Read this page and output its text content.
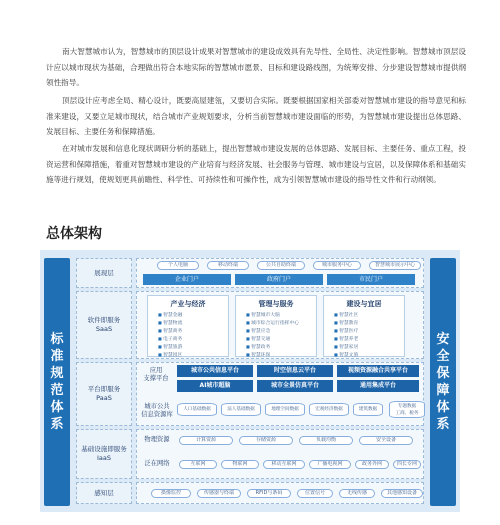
南大智慧城市认为，智慧城市的顶层设计成果对智慧城市的建设成效具有先导性、全局性、决定性影响。智慧城市顶层设计应以城市现状为基础，合理做出符合本地实际的智慧城市愿景、目标和建设路线图，为统筹安排、分步建设智慧城市提供纲领性指导。
顶层设计应考虑全局、精心设计，既要高屋建瓴，又要切合实际。既要根据国家相关部委对智慧城市建设的指导意见和标准来建设，又要立足城市现状，结合城市产业规划要求，分析当前智慧城市建设面临的形势，为智慧城市建设提出总体思路、发展目标、主要任务和保障措施。
在对城市发展和信息化现状调研分析的基础上，提出智慧城市建设发展的总体思路、发展目标、主要任务、重点工程，投资运营和保障措施，着重对智慧城市建设的产业培育与经济发展、社会服务与管理、城市建设与宜居，以及保障体系和基础实施等进行规划，使规划更具前瞻性、科学性、可持续性和可操作性，成为引领智慧城市建设的指导性文件和行动纲领。
总体架构
标
准
规
范
体
系
安
全
保
障
体
系
展现层
个人电脑	移动终端	公共自助终端	城市服务中心	智慧城市展示中心
企业门户	政府门户	市民门户
软件即服务
SaaS
产业与经济
■ 智慧金融
■ 智慧物流
■ 智慧商务
■ 电子商务
■ 智慧旅游
■ 智慧园区
管理与服务
■ 智慧城市大脑
■ 城市综合运行指挥中心
■ 智慧应急
■ 智慧交通
■ 智慧政务
■ 智慧环保
建设与宜居
■ 智慧社区
■ 智慧教育
■ 智慧医疗
■ 智慧养老
■ 智慧家居
■ 智慧文旅
平台即服务
PaaS
应用
支撑平台
城市公共信息平台	时空信息云平台	视频资源融合共享平台
AI城市超脑	城市全景仿真平台	通用集成平台
城市公共
信息资源库
人口基础数据	法人基础数据	地理空间数据	宏观经济数据	建筑数据
专题数据
工商、税务
基础设施即服务
IaaS
物理资源	计算资源	存储资源	负载均衡	安全设备
泛在网络	互联网	物联网	移动互联网	广播电视网	政务外网	四长专网
感知层	摄像监控	传感器与终端	RFID与条码	位置信号	无线传感	其他感知设备
